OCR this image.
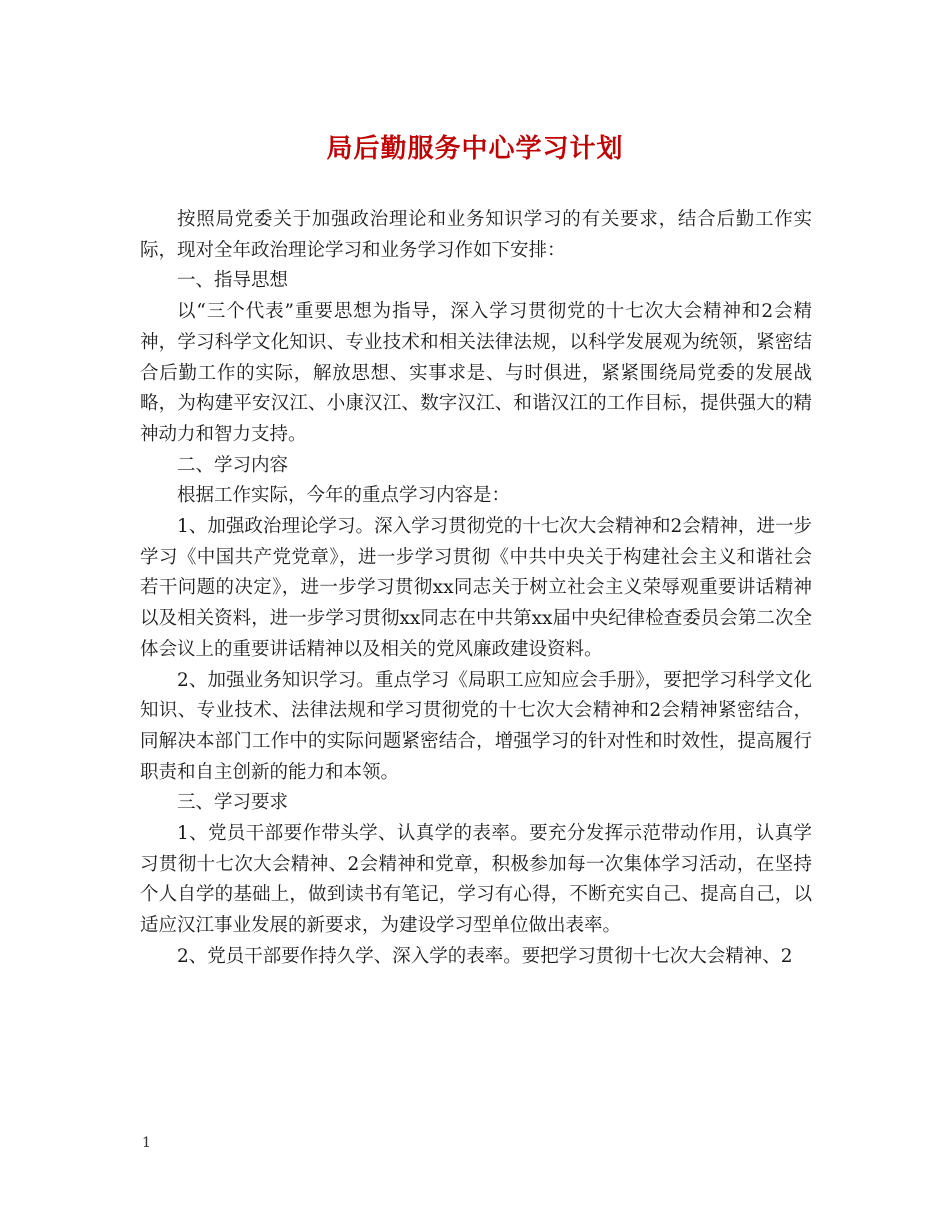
局后勤服务中心学习计划

按照局党委关于加强政治理论和业务知识学习的有关要求，结合后勤工作实际，现对全年政治理论学习和业务学习作如下安排：

一、指导思想

以“三个代表”重要思想为指导，深入学习贯彻党的十七次大会精神和2会精神，学习科学文化知识、专业技术和相关法律法规，以科学发展观为统领，紧密结合后勤工作的实际，解放思想、实事求是、与时俱进，紧紧围绕局党委的发展战略，为构建平安汉江、小康汉江、数字汉江、和谐汉江的工作目标，提供强大的精神动力和智力支持。

二、学习内容

根据工作实际，今年的重点学习内容是：

1、加强政治理论学习。深入学习贯彻党的十七次大会精神和2会精神，进一步学习《中国共产党党章》，进一步学习贯彻《中共中央关于构建社会主义和谐社会若干问题的决定》，进一步学习贯彻xx同志关于树立社会主义荣辱观重要讲话精神以及相关资料，进一步学习贯彻xx同志在中共第xx届中央纪律检查委员会第二次全体会议上的重要讲话精神以及相关的党风廉政建设资料。

2、加强业务知识学习。重点学习《局职工应知应会手册》，要把学习科学文化知识、专业技术、法律法规和学习贯彻党的十七次大会精神和2会精神紧密结合，同解决本部门工作中的实际问题紧密结合，增强学习的针对性和时效性，提高履行职责和自主创新的能力和本领。

三、学习要求

1、党员干部要作带头学、认真学的表率。要充分发挥示范带动作用，认真学习贯彻十七次大会精神、2会精神和党章，积极参加每一次集体学习活动，在坚持个人自学的基础上，做到读书有笔记，学习有心得，不断充实自己、提高自己，以适应汉江事业发展的新要求，为建设学习型单位做出表率。

2、党员干部要作持久学、深入学的表率。要把学习贯彻十七次大会精神、2

1
